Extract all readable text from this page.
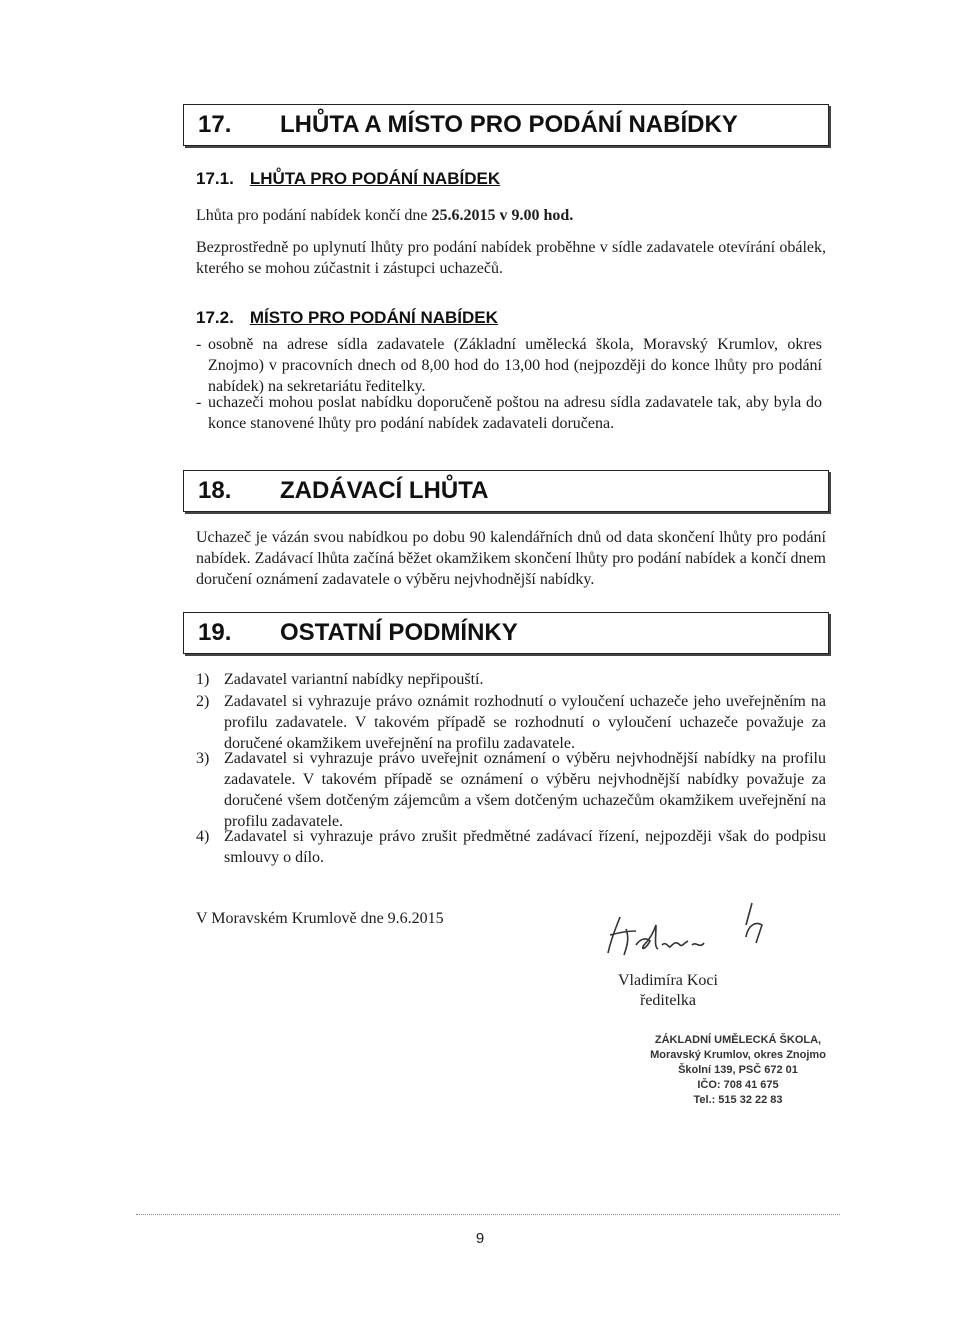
17. LHŮTA A MÍSTO PRO PODÁNÍ NABÍDKY
17.1. LHŮTA PRO PODÁNÍ NABÍDEK
Lhůta pro podání nabídek končí dne 25.6.2015 v 9.00 hod.
Bezprostředně po uplynutí lhůty pro podání nabídek proběhne v sídle zadavatele otevírání obálek, kterého se mohou zúčastnit i zástupci uchazečů.
17.2. MÍSTO PRO PODÁNÍ NABÍDEK
- osobně na adrese sídla zadavatele (Základní umělecká škola, Moravský Krumlov, okres Znojmo) v pracovních dnech od 8,00 hod do 13,00 hod (nejpozději do konce lhůty pro podání nabídek) na sekretariátu ředitelky.
- uchazeči mohou poslat nabídku doporučeně poštou na adresu sídla zadavatele tak, aby byla do konce stanovené lhůty pro podání nabídek zadavateli doručena.
18. ZADÁVACÍ LHŮTA
Uchazeč je vázán svou nabídkou po dobu 90 kalendářních dnů od data skončení lhůty pro podání nabídek. Zadávací lhůta začíná běžet okamžikem skončení lhůty pro podání nabídek a končí dnem doručení oznámení zadavatele o výběru nejvhodnější nabídky.
19. OSTATNÍ PODMÍNKY
1) Zadavatel variantní nabídky nepřipouští.
2) Zadavatel si vyhrazuje právo oznámit rozhodnutí o vyloučení uchazeče jeho uveřejněním na profilu zadavatele. V takovém případě se rozhodnutí o vyloučení uchazeče považuje za doručené okamžikem uveřejnění na profilu zadavatele.
3) Zadavatel si vyhrazuje právo uveřejnit oznámení o výběru nejvhodnější nabídky na profilu zadavatele. V takovém případě se oznámení o výběru nejvhodnější nabídky považuje za doručené všem dotčeným zájemcům a všem dotčeným uchazečům okamžikem uveřejnění na profilu zadavatele.
4) Zadavatel si vyhrazuje právo zrušit předmětné zadávací řízení, nejpozději však do podpisu smlouvy o dílo.
V Moravském Krumlově dne 9.6.2015
Vladimíra Koci
ředitelka
ZÁKLADNÍ UMĚLECKÁ ŠKOLA,
Moravský Krumlov, okres Znojmo
Školní 139, PSČ 672 01
IČO: 708 41 675
Tel.: 515 32 22 83
9
